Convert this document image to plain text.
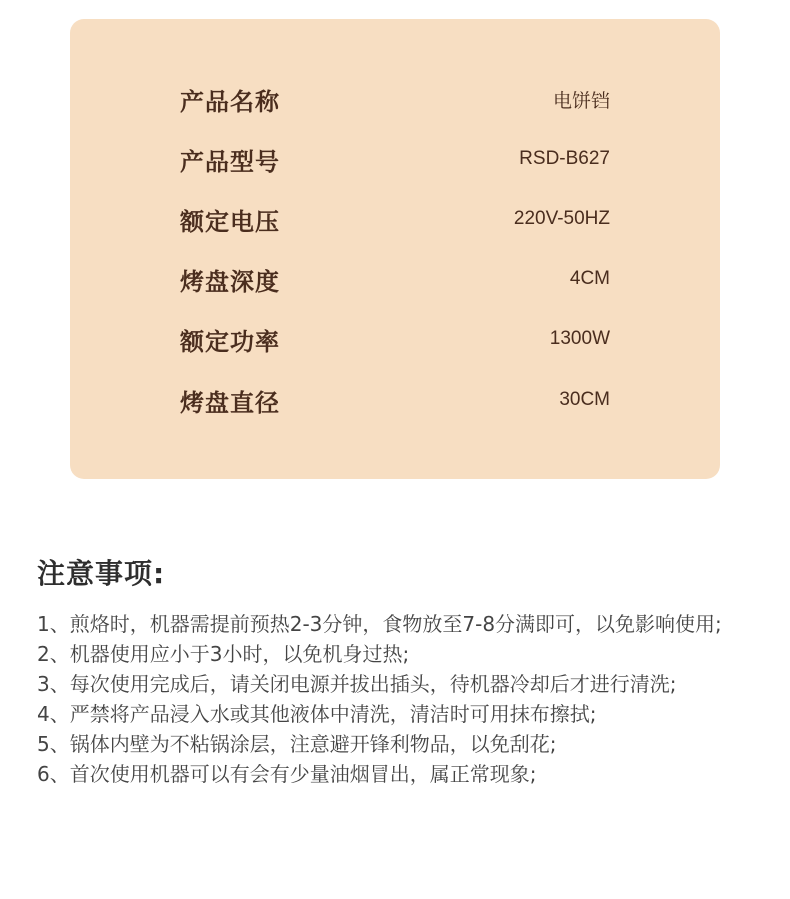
产品名称	电饼铛
产品型号	RSD-B627
额定电压	220V-50HZ
烤盘深度	4CM
额定功率	1300W
烤盘直径	30CM
注意事项:
1、煎烙时，机器需提前预热2-3分钟，食物放至7-8分满即可，以免影响使用;
2、机器使用应小于3小时，以免机身过热;
3、每次使用完成后，请关闭电源并拔出插头，待机器冷却后才进行清洗;
4、严禁将产品浸入水或其他液体中清洗，清洁时可用抹布擦拭;
5、锅体内壁为不粘锅涂层，注意避开锋利物品，以免刮花;
6、首次使用机器可以有会有少量油烟冒出，属正常现象;
